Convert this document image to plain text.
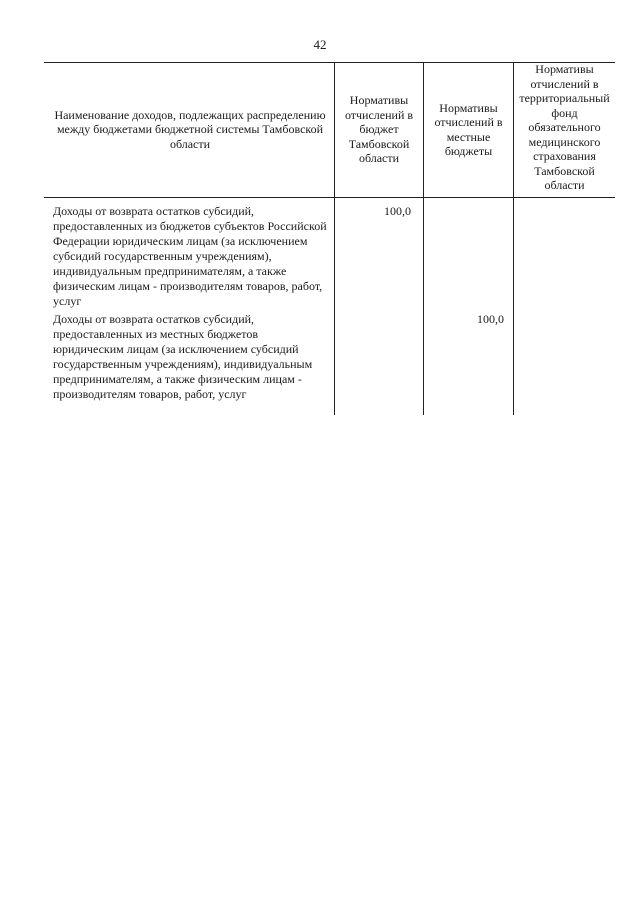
42
Наименование доходов, подлежащих распределению между бюджетами бюджетной системы Тамбовской области
Нормативы отчислений в бюджет Тамбовской области
Нормативы отчислений в местные бюджеты
Нормативы отчислений в территориальный фонд обязательного медицинского страхования Тамбовской области
Доходы от возврата остатков субсидий, предоставленных из бюджетов субъектов Российской Федерации юридическим лицам (за исключением субсидий государственным учреждениям), индивидуальным предпринимателям, а также физическим лицам - производителям товаров, работ, услуг
100,0
Доходы от возврата остатков субсидий, предоставленных из местных бюджетов юридическим лицам (за исключением субсидий государственным учреждениям), индивидуальным предпринимателям, а также физическим лицам - производителям товаров, работ, услуг
100,0
